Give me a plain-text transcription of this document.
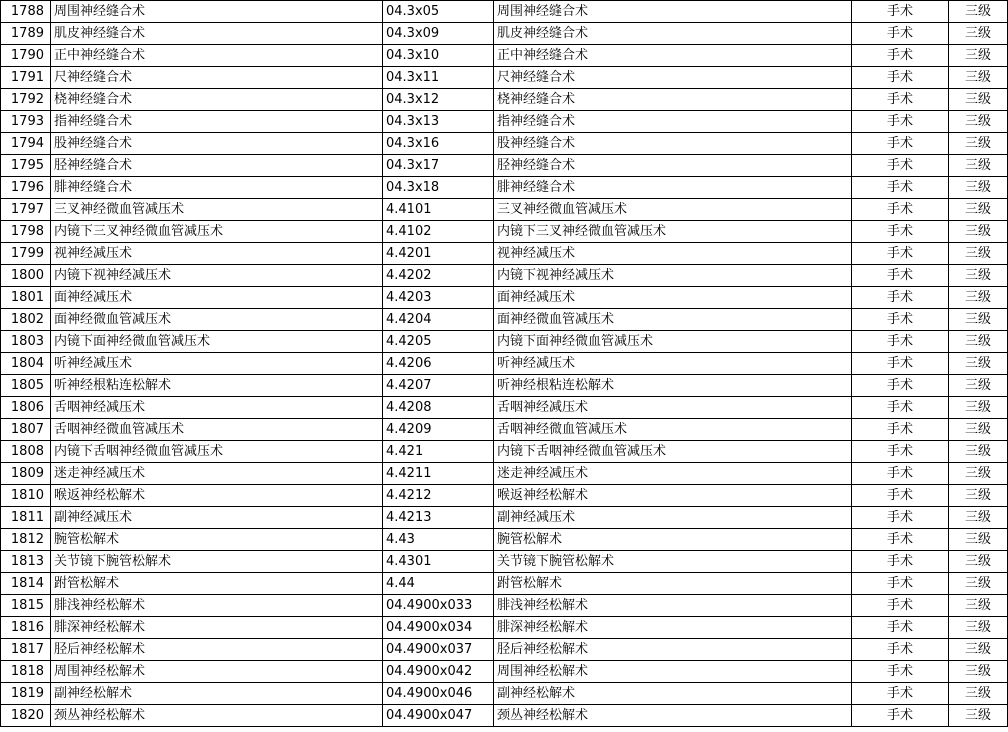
1788	周围神经缝合术	04.3x05	周围神经缝合术	手术	三级
1789	肌皮神经缝合术	04.3x09	肌皮神经缝合术	手术	三级
1790	正中神经缝合术	04.3x10	正中神经缝合术	手术	三级
1791	尺神经缝合术	04.3x11	尺神经缝合术	手术	三级
1792	桡神经缝合术	04.3x12	桡神经缝合术	手术	三级
1793	指神经缝合术	04.3x13	指神经缝合术	手术	三级
1794	股神经缝合术	04.3x16	股神经缝合术	手术	三级
1795	胫神经缝合术	04.3x17	胫神经缝合术	手术	三级
1796	腓神经缝合术	04.3x18	腓神经缝合术	手术	三级
1797	三叉神经微血管减压术	4.4101	三叉神经微血管减压术	手术	三级
1798	内镜下三叉神经微血管减压术	4.4102	内镜下三叉神经微血管减压术	手术	三级
1799	视神经减压术	4.4201	视神经减压术	手术	三级
1800	内镜下视神经减压术	4.4202	内镜下视神经减压术	手术	三级
1801	面神经减压术	4.4203	面神经减压术	手术	三级
1802	面神经微血管减压术	4.4204	面神经微血管减压术	手术	三级
1803	内镜下面神经微血管减压术	4.4205	内镜下面神经微血管减压术	手术	三级
1804	听神经减压术	4.4206	听神经减压术	手术	三级
1805	听神经根粘连松解术	4.4207	听神经根粘连松解术	手术	三级
1806	舌咽神经减压术	4.4208	舌咽神经减压术	手术	三级
1807	舌咽神经微血管减压术	4.4209	舌咽神经微血管减压术	手术	三级
1808	内镜下舌咽神经微血管减压术	4.421	内镜下舌咽神经微血管减压术	手术	三级
1809	迷走神经减压术	4.4211	迷走神经减压术	手术	三级
1810	喉返神经松解术	4.4212	喉返神经松解术	手术	三级
1811	副神经减压术	4.4213	副神经减压术	手术	三级
1812	腕管松解术	4.43	腕管松解术	手术	三级
1813	关节镜下腕管松解术	4.4301	关节镜下腕管松解术	手术	三级
1814	跗管松解术	4.44	跗管松解术	手术	三级
1815	腓浅神经松解术	04.4900x033	腓浅神经松解术	手术	三级
1816	腓深神经松解术	04.4900x034	腓深神经松解术	手术	三级
1817	胫后神经松解术	04.4900x037	胫后神经松解术	手术	三级
1818	周围神经松解术	04.4900x042	周围神经松解术	手术	三级
1819	副神经松解术	04.4900x046	副神经松解术	手术	三级
1820	颈丛神经松解术	04.4900x047	颈丛神经松解术	手术	三级
